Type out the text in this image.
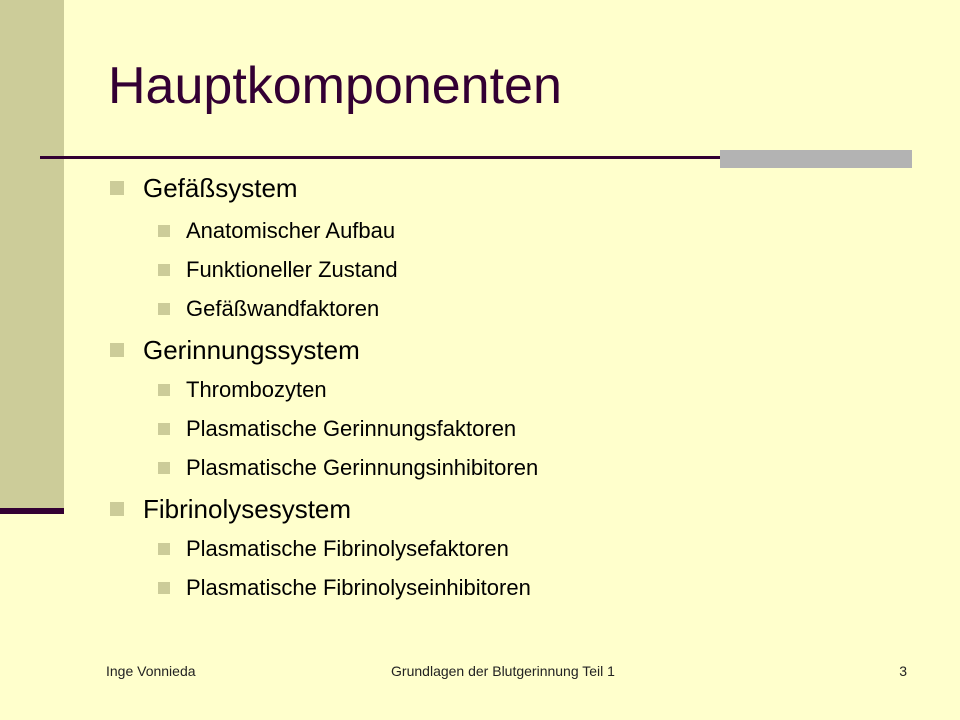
Hauptkomponenten
Gefäßsystem
Anatomischer Aufbau
Funktioneller Zustand
Gefäßwandfaktoren
Gerinnungssystem
Thrombozyten
Plasmatische Gerinnungsfaktoren
Plasmatische Gerinnungsinhibitoren
Fibrinolysesystem
Plasmatische Fibrinolysefaktoren
Plasmatische Fibrinolyseinhibitoren
Inge Vonnieda	Grundlagen der Blutgerinnung Teil 1	3
